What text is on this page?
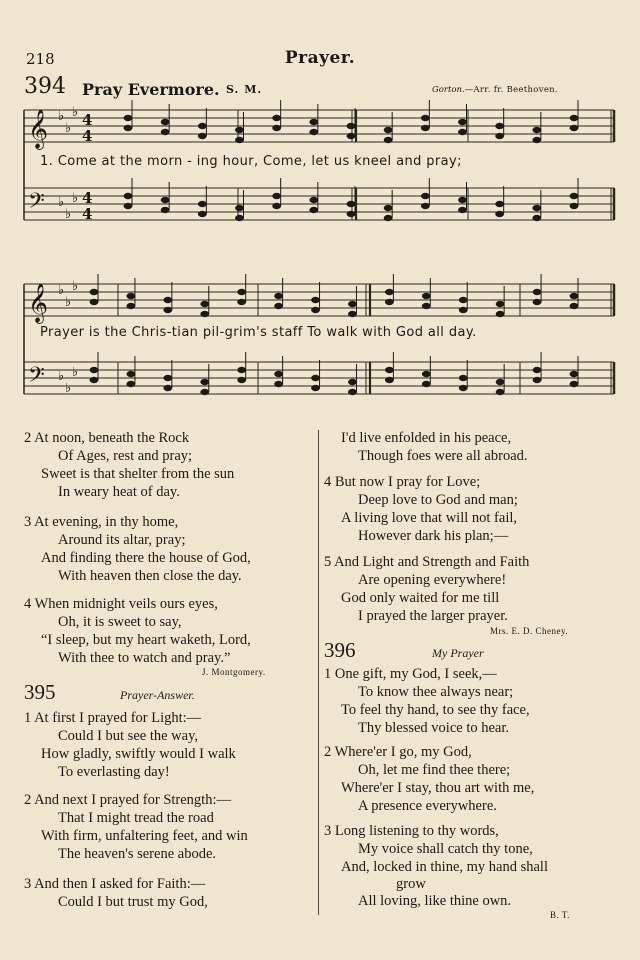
218	Prayer.
394 Pray Evermore. S. M.	Gorton.—Arr. fr. Beethoven.
𝄞 ♭
♭
♭
𝄢 ♭
♭
♭
4
4
4
4
𝄞 ♭
♭
♭
𝄢 ♭
♭
♭
1. Come at the morn - ing hour, Come, let us kneel and pray;
Prayer is the Chris-tian pil-grim's staff To walk with God all day.
2 At noon, beneath the Rock
Of Ages, rest and pray;
Sweet is that shelter from the sun
In weary heat of day.
3 At evening, in thy home,
Around its altar, pray;
And finding there the house of God,
With heaven then close the day.
4 When midnight veils ours eyes,
Oh, it is sweet to say,
“I sleep, but my heart waketh, Lord,
With thee to watch and pray.”
J. Montgomery.
395	Prayer-Answer.
1 At first I prayed for Light:—
Could I but see the way,
How gladly, swiftly would I walk
To everlasting day!
2 And next I prayed for Strength:—
That I might tread the road
With firm, unfaltering feet, and win
The heaven's serene abode.
3 And then I asked for Faith:—
Could I but trust my God,
I'd live enfolded in his peace,
Though foes were all abroad.
4 But now I pray for Love;
Deep love to God and man;
A living love that will not fail,
However dark his plan;—
5 And Light and Strength and Faith
Are opening everywhere!
God only waited for me till
I prayed the larger prayer.
Mrs. E. D. Cheney.
396	My Prayer
1 One gift, my God, I seek,—
To know thee always near;
To feel thy hand, to see thy face,
Thy blessed voice to hear.
2 Where'er I go, my God,
Oh, let me find thee there;
Where'er I stay, thou art with me,
A presence everywhere.
3 Long listening to thy words,
My voice shall catch thy tone,
And, locked in thine, my hand shall
grow
All loving, like thine own.
B. T.
